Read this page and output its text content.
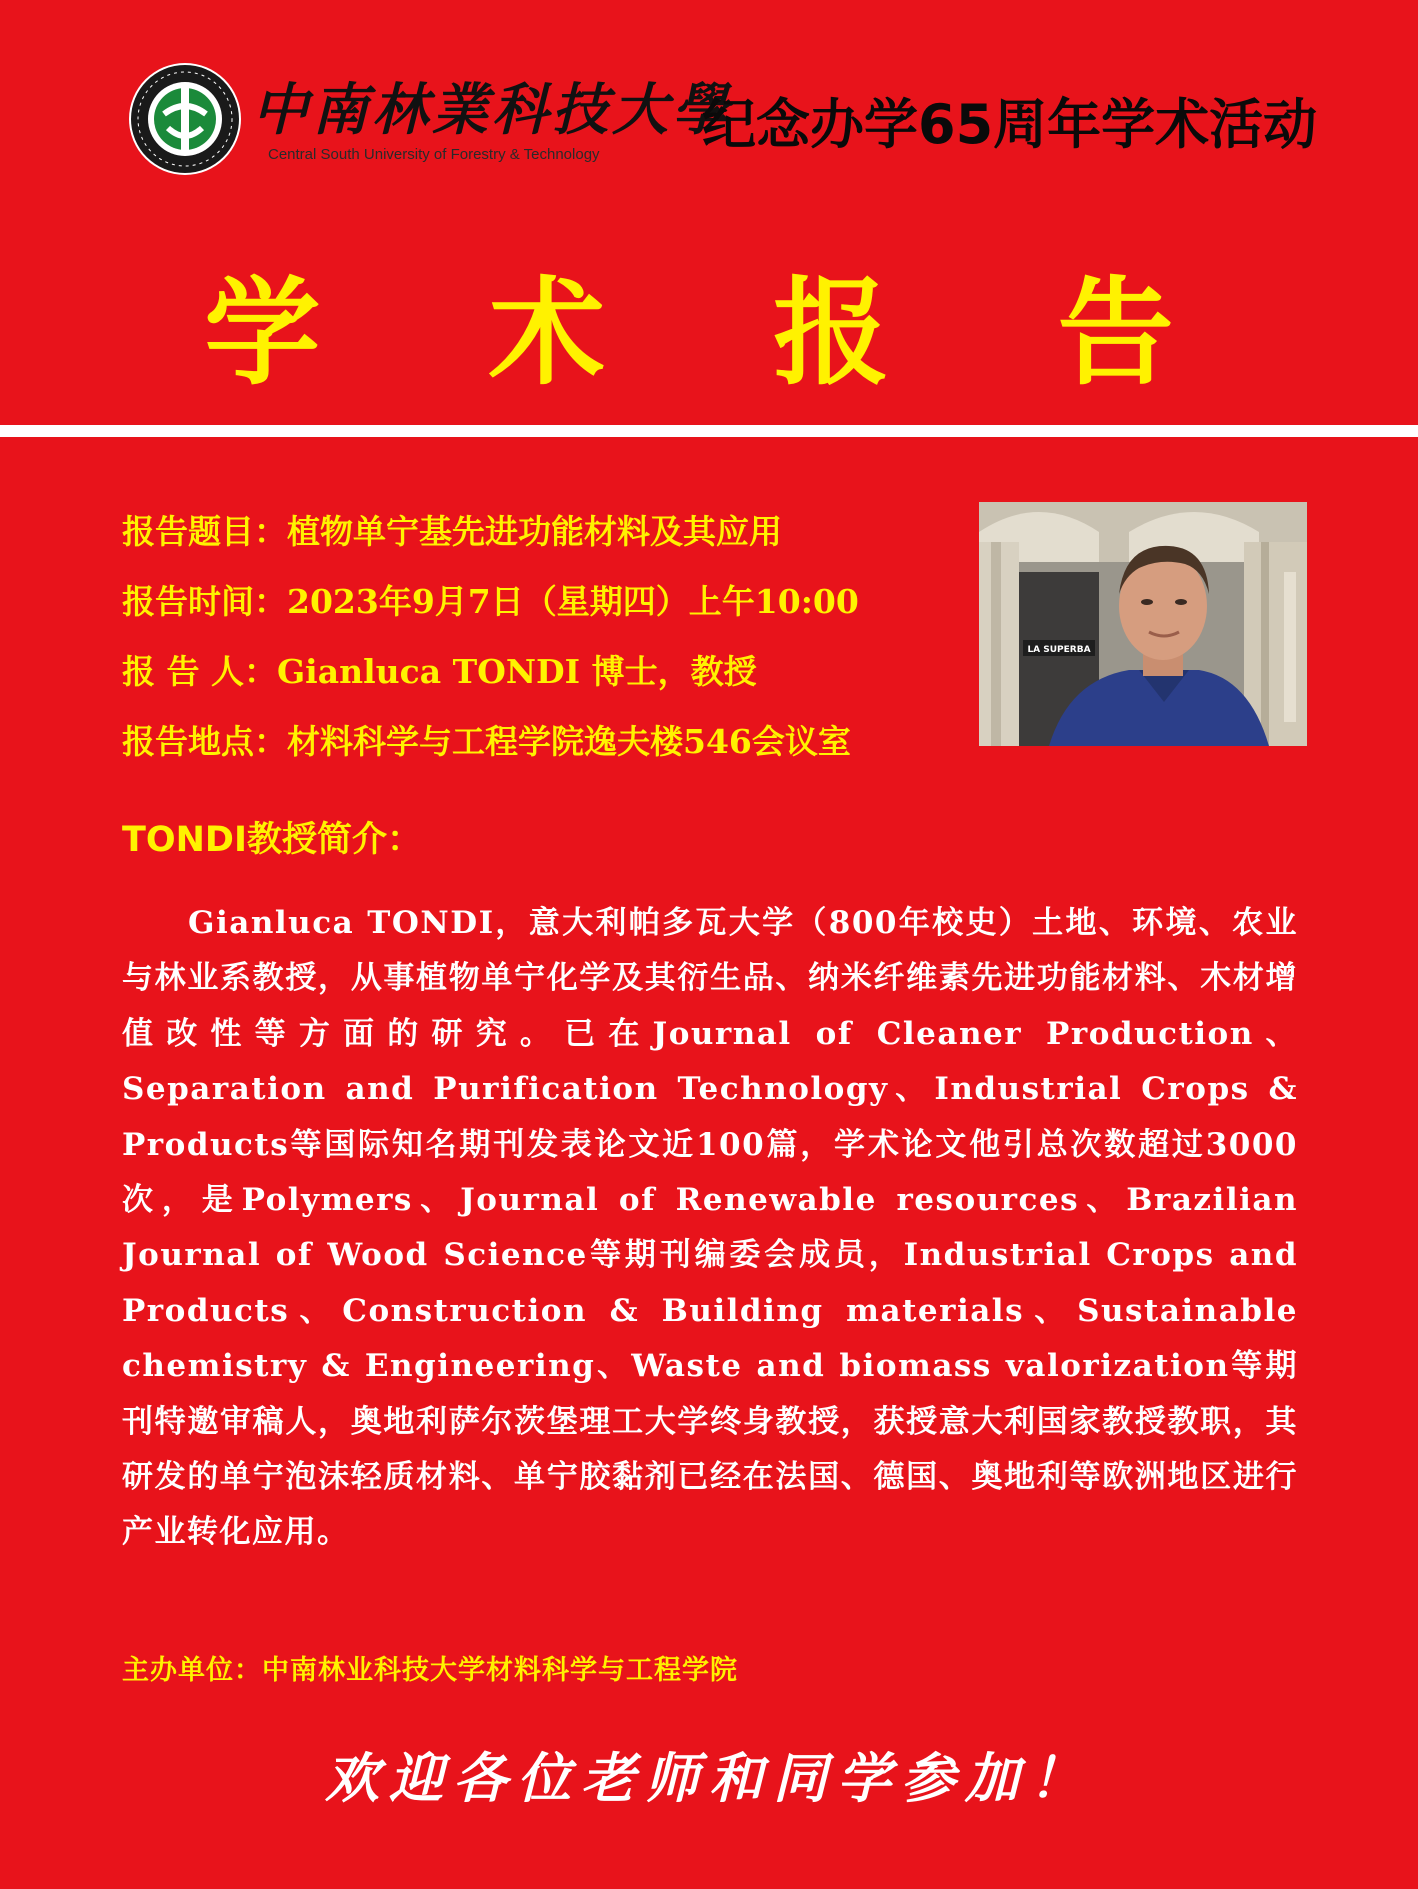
中南林業科技大學
Central South University of Forestry & Technology 纪念办学65周年学术活动
学 术 报 告
报告题目：植物单宁基先进功能材料及其应用
报告时间：2023年9月7日（星期四）上午10:00
报 告 人：Gianluca TONDI 博士，教授
报告地点：材料科学与工程学院逸夫楼546会议室
LA SUPERBA
TONDI教授简介：

Gianluca TONDI，意大利帕多瓦大学（800年校史）土地、环境、农业与林业系教授，从事植物单宁化学及其衍生品、纳米纤维素先进功能材料、木材增值改性等方面的研究。已在Journal of Cleaner Production、Separation and Purification Technology、Industrial Crops & Products等国际知名期刊发表论文近100篇，学术论文他引总次数超过3000次，是Polymers、Journal of Renewable resources、Brazilian Journal of Wood Science等期刊编委会成员，Industrial Crops and Products、Construction & Building materials、Sustainable chemistry & Engineering、Waste and biomass valorization等期刊特邀审稿人，奥地利萨尔茨堡理工大学终身教授，获授意大利国家教授教职，其研发的单宁泡沫轻质材料、单宁胶黏剂已经在法国、德国、奥地利等欧洲地区进行产业转化应用。

主办单位：中南林业科技大学材料科学与工程学院
欢迎各位老师和同学参加！
